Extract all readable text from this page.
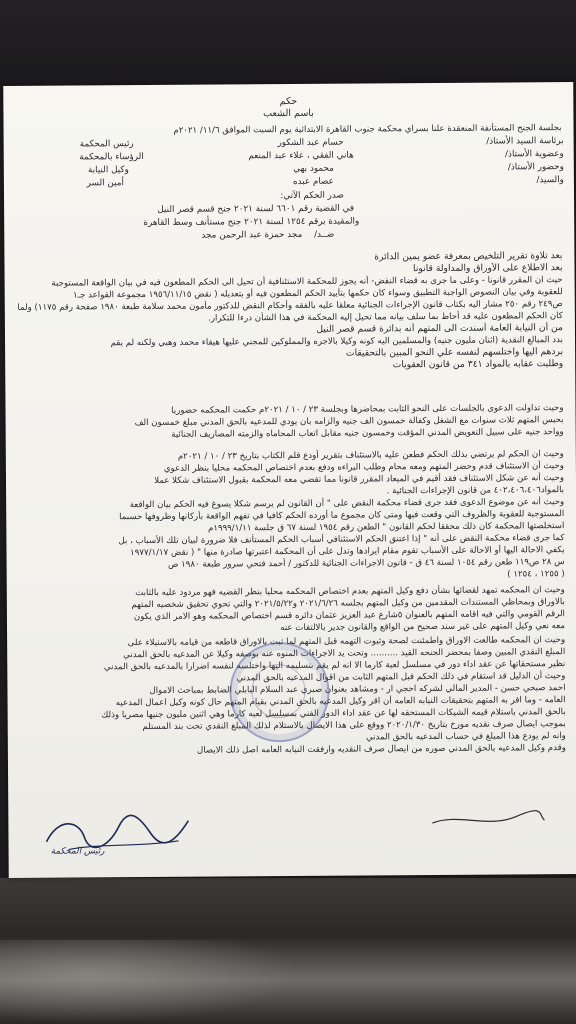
حكم
باسم الشعب
بجلسة الجنح المستأنفة المنعقدة علنا بسراي محكمة جنوب القاهرة الابتدائية يوم السبت الموافق ١١/٦/ ٢٠٢١م
برئاسة السيد الأستاذ/
حسام عبد الشكور
رئيس المحكمة
وعضوية الأستاذ/
هاني الفقي ، علاء عبد المنعم
الرؤساء بالمحكمة
وحضور الأستاذ/
محمود بهي
وكيل النيابة
والسيد/
عصام عبده
أمين السر
صدر الحكم الآتي:
في القضية رقم ٦٦٠١ لسنة ٢٠٢١ جنح قسم قصر النيل
والمقيدة برقم ١٢٥٤ لسنة ٢٠٢١ جنح مستأنف وسط القاهرة
ضــد/
مجد حمزة عبد الرحمن مجد
بعد تلاوة تقرير التلخيص بمعرفة عضو يمين الدائرة
بعد الاطلاع على الأوراق والمداولة قانونا
حيث ان المقرر قانونا - وعلى ما جرى به قضاء النقض- أنه يجوز للمحكمة الاستئنافية أن تحيل الى الحكم المطعون فيه في بيان الواقعة المستوجبة
للعقوبة وفي بيان النصوص الواجبة التطبيق وسواء كان حكمها بتأييد الحكم المطعون فيه أو بتعديله ( نقض ١٩٥٦/١١/١٥ مجموعة القواعد جـ١
ص٢٤٩ رقم ٢٥٠ مشار اليه بكتاب قانون الإجراءات الجنائية معلقا عليه بالفقه وأحكام النقض للدكتور مأمون محمد سلامة طبعة ١٩٨٠ صفحة رقم ١١٧٥) ولما
كان الحكم المطعون عليه قد أحاط بما سلف بيانه مما تحيل إليه المحكمة في هذا الشأن درءا للتكرار.
من أن النيابة العامة أسندت الى المتهم أنه بدائرة قسم قصر النيل
بدد المبالغ النقدية (اثنان مليون جنيه) والمسلمين اليه كونه وكيلا بالاجره والمملوكين للمجني عليها هيفاء محمد وهبي ولكنه لم يقم
بردهم اليها واختلسهم لنفسه علي النحو المبين بالتحقيقات
وطلبت عقابه بالمواد ٣٤١ من قانون العقوبات
وحيث تداولت الدعوى بالجلسات على النحو الثابت بمحاضرها وبجلسة ٢٣ / ١٠ / ٢٠٢١م حكمت المحكمه حضوريا
بحبس المتهم ثلاث سنوات مع الشغل وكفالة خمسون الف جنيه والزامه بان يودي للمدعيه بالحق المدني مبلغ خمسون الف
وواحد جنيه على سبيل التعويض المدني المؤقت وخمسون جنيه مقابل اتعاب المحاماه والزمته المصاريف الجنائية
وحيث ان الحكم لم يرتضي بذلك الحكم فطعن عليه بالاستئناف بتقرير أودع قلم الكتاب بتاريخ ٢٣ / ١٠ / ٢٠٢١م
وحيث أن الاستئناف قدم وحضر المتهم ومعه محام وطلب البراءه ودفع بعدم اختصاص المحكمه محليا بنظر الدعوي
وحيث أنه عن شكل الاستئناف فقد أقيم في الميعاد المقرر قانونا مما تقضي معه المحكمة بقبول الاستئناف شكلا عملا
بالمواد٤٠٢،٤٠٦،٤٠٦ من قانون الإجراءات الجنائية .
وحيث أنه عن موضوع الدعوى فقد جرى قضاء محكمة النقض على " أن القانون لم يرسم شكلا يسوغ فيه الحكم بيان الواقعة
المستوجبة للعقوبة والظروف التي وقعت فيها ومتى كان مجموع ما أورده الحكم كافيا في تفهم الواقعة بأركانها وظروفها حسبما
استخلصتها المحكمة كان ذلك محققا لحكم القانون " الطعن رقم ١٩٥٤ لسنة ٦٧ ق جلسة ١٩٩٩/١/١١م
كما جرى قضاء محكمة النقض على أنه " إذا اعتنق الحكم الاستئنافي أسباب الحكم المستأنف فلا ضرورة لبيان تلك الأسباب ، بل
يكفي الاحالة اليها أو الاحالة على الأسباب تقوم مقام ايرادها وتدل على أن المحكمة اعتبرتها صادرة منها " ( نقض ١٩٧٧/١/١٧
س ٢٨ ص١١٩ طعن رقم ١٠٥٤ لسنة ٤٦ ق - قانون الاجراءات الجنائية للدكتور / أحمد فتحي سرور طبعة ١٩٨٠ ص
( ١٢٥٥ ، ١٢٥٤ )
وحيث ان المحكمه تمهد لقضائها بشأن دفع وكيل المتهم بعدم اختصاص المحكمه محليا بنظر القضيه فهو مردود عليه بالثابت
بالاوراق وبمحاظي المستندات المقدمين من وكيل المتهم بجلسه ٢٠٢١/٦/٢٦ و٢٠٢١/٥/٢٢ والتي تحوي تحقيق شخصيه المتهم
الرقم القومي والتي فيه اقامه المتهم بالعنوان ٥شارع عبد العزيز عثمان دائره قسم اختصاص المحكمه وهو الامر الذي يكون
معه نعي وكيل المتهم على غير سند صحيح من الواقع والقانون جدير بالالتفات عنه
وحيث ان المحكمه طالعت الاوراق واطمئنت لصحة وثبوت التهمه قبل المتهم لما ثبت بالاوراق قاطعه من قيامه بالاستيلاء على
المبلغ النقدي المبين وصفا بمحضر الجنحه القيد .......... وتحت يد الاجراءات المنوه عنه بوصفه وكيلا عن المدعيه بالحق المدني
نظير مستحقاتها عن عقد اداء دور في مسلسل لعبة كارما الا انه لم يقم بتسليمه اليها واختلسه لنفسه اضرارا بالمدعيه بالحق المدني
وحيث أن الدليل قد استقام في ذلك الحكم قبل المتهم الثابت من اقوال المدعيه بالحق المدني
احمد صبحي حسن - المدير المالي لشركه احجي ار - ومشاهد بعنوان صبري عبد السلام البابلي الضابط بمباحث الاموال
العامه - وما اقر به المتهم بتحقيقات النيابه العامه أن اقر وكيل المدعيه بالحق المدني بقيام المتهم حال كونه وكيل اعمال المدعيه
بالحق المدني باستلام قيمه الشيكات المستحقه لها عن عقد اداء الدور الفني بمسلسل لعبه كارما وهي اثنين مليون جنيها مصريا وذلك
بموجب ايصال صرف نقديه مورخ بتاريخ ٢٠٢٠/١/٣٠ ووقع على هذا الايصال بالاستلام لذلك المبلغ النقدي تحت بند المستلم
وانه لم يودع هذا المبلغ في حساب المدعيه بالحق المدني
وقدم وكيل المدعيه بالحق المدني صوره من ايصال صرف النقديه وارفقت النيابه العامه اصل ذلك الايصال
رئيس المحكمة
